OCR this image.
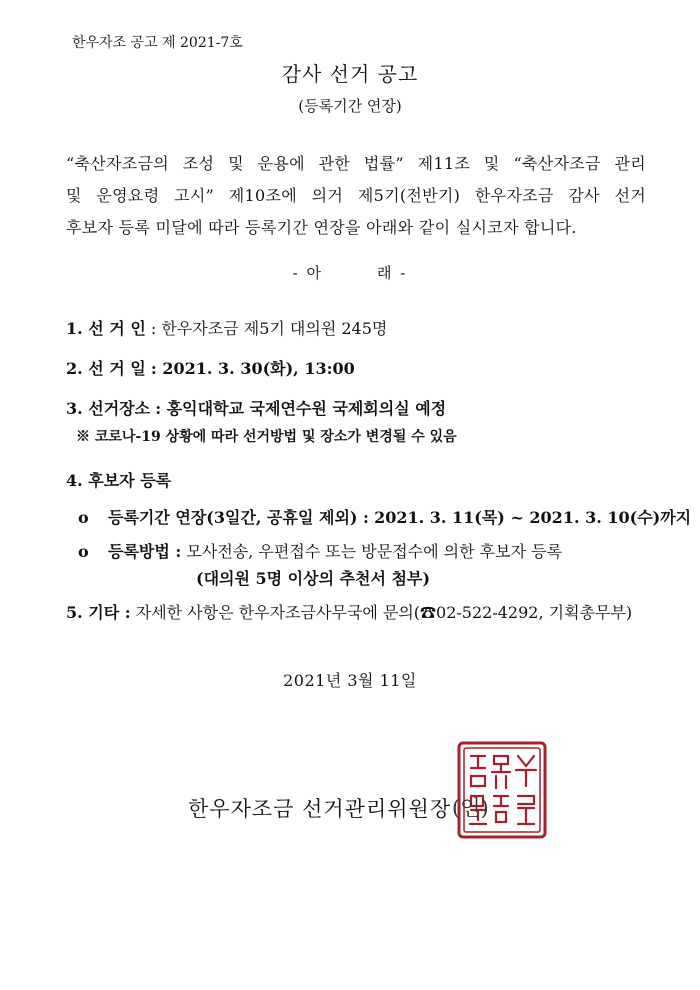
한우자조 공고 제 2021-7호
감사 선거 공고
(등록기간 연장)
“축산자조금의 조성 및 운용에 관한 법률” 제11조 및 “축산자조금 관리
및 운영요령 고시” 제10조에 의거 제5기(전반기) 한우자조금 감사 선거
후보자 등록 미달에 따라 등록기간 연장을 아래와 같이 실시코자 합니다.
- 아	래 -
1. 선 거 인 : 한우자조금 제5기 대의원 245명
2. 선 거 일 : 2021. 3. 30(화), 13:00
3. 선거장소 : 홍익대학교 국제연수원 국제회의실 예정
※ 코로나-19 상황에 따라 선거방법 및 장소가 변경될 수 있음
4. 후보자 등록
o 등록기간 연장(3일간, 공휴일 제외) : 2021. 3. 11(목) ~ 2021. 3. 10(수)까지
o 등록방법 : 모사전송, 우편접수 또는 방문접수에 의한 후보자 등록
(대의원 5명 이상의 추천서 첨부)
5. 기타 : 자세한 사항은 한우자조금사무국에 문의(☎02-522-4292, 기획총무부)
2021년 3월 11일
한우자조금 선거관리위원장 (인)
